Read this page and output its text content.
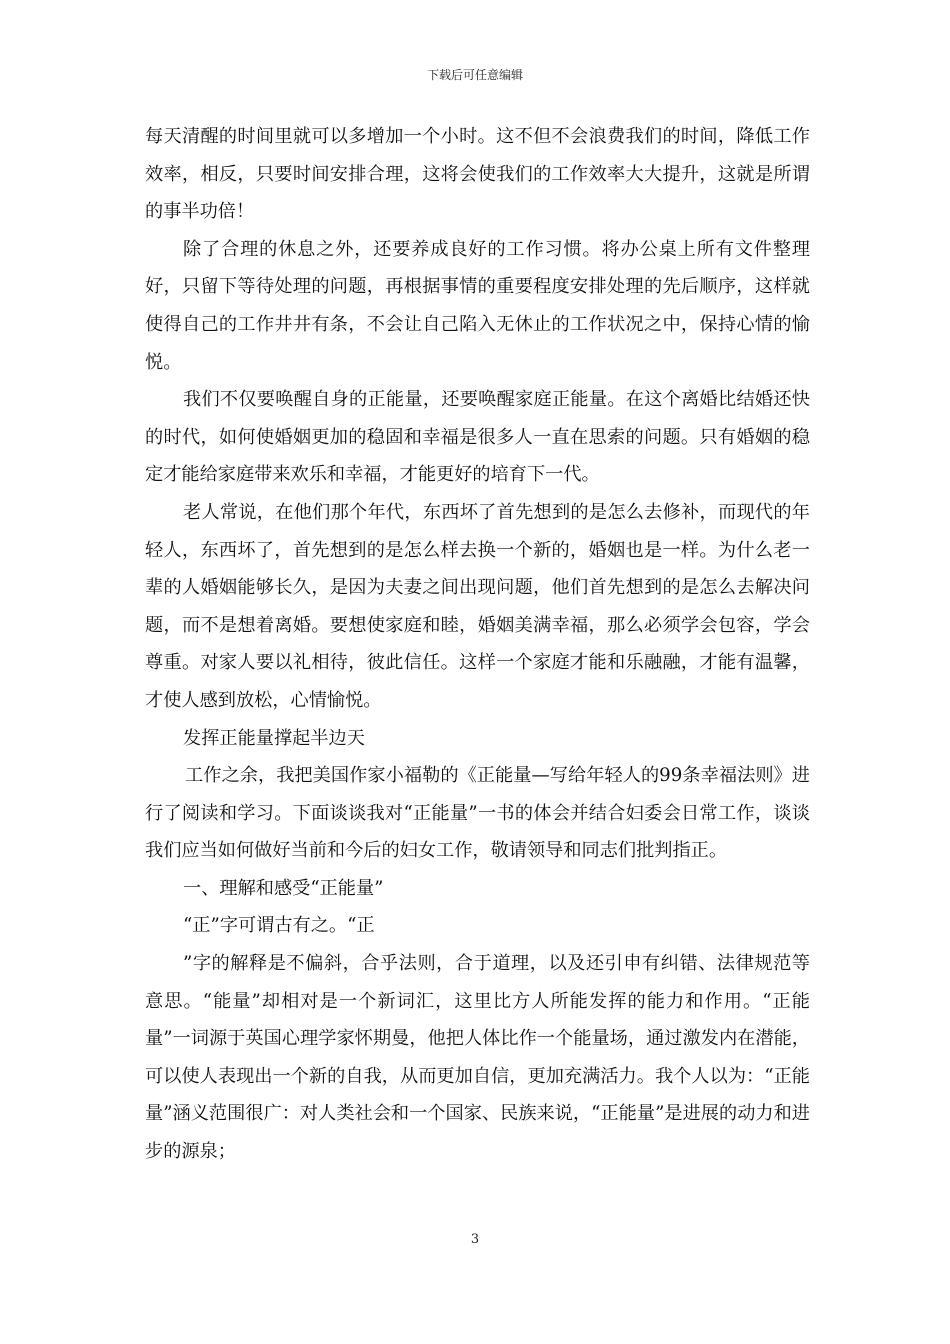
下载后可任意编辑

每天清醒的时间里就可以多增加一个小时。这不但不会浪费我们的时间，降低工作效率，相反，只要时间安排合理，这将会使我们的工作效率大大提升，这就是所谓的事半功倍！

除了合理的休息之外，还要养成良好的工作习惯。将办公桌上所有文件整理好，只留下等待处理的问题，再根据事情的重要程度安排处理的先后顺序，这样就使得自己的工作井井有条，不会让自己陷入无休止的工作状况之中，保持心情的愉悦。

我们不仅要唤醒自身的正能量，还要唤醒家庭正能量。在这个离婚比结婚还快的时代，如何使婚姻更加的稳固和幸福是很多人一直在思索的问题。只有婚姻的稳定才能给家庭带来欢乐和幸福，才能更好的培育下一代。

老人常说，在他们那个年代，东西坏了首先想到的是怎么去修补，而现代的年轻人，东西坏了，首先想到的是怎么样去换一个新的，婚姻也是一样。为什么老一辈的人婚姻能够长久，是因为夫妻之间出现问题，他们首先想到的是怎么去解决问题，而不是想着离婚。要想使家庭和睦，婚姻美满幸福，那么必须学会包容，学会尊重。对家人要以礼相待，彼此信任。这样一个家庭才能和乐融融，才能有温馨，才使人感到放松，心情愉悦。

发挥正能量撑起半边天

工作之余，我把美国作家小福勒的《正能量—写给年轻人的99条幸福法则》进行了阅读和学习。下面谈谈我对“正能量”一书的体会并结合妇委会日常工作，谈谈我们应当如何做好当前和今后的妇女工作，敬请领导和同志们批判指正。

一、理解和感受“正能量”

“正”字可谓古有之。“正

”字的解释是不偏斜，合乎法则，合于道理，以及还引申有纠错、法律规范等意思。“能量”却相对是一个新词汇，这里比方人所能发挥的能力和作用。“正能量”一词源于英国心理学家怀期曼，他把人体比作一个能量场，通过激发内在潜能，可以使人表现出一个新的自我，从而更加自信，更加充满活力。我个人以为：“正能量”涵义范围很广：对人类社会和一个国家、民族来说，“正能量”是进展的动力和进步的源泉；

3
